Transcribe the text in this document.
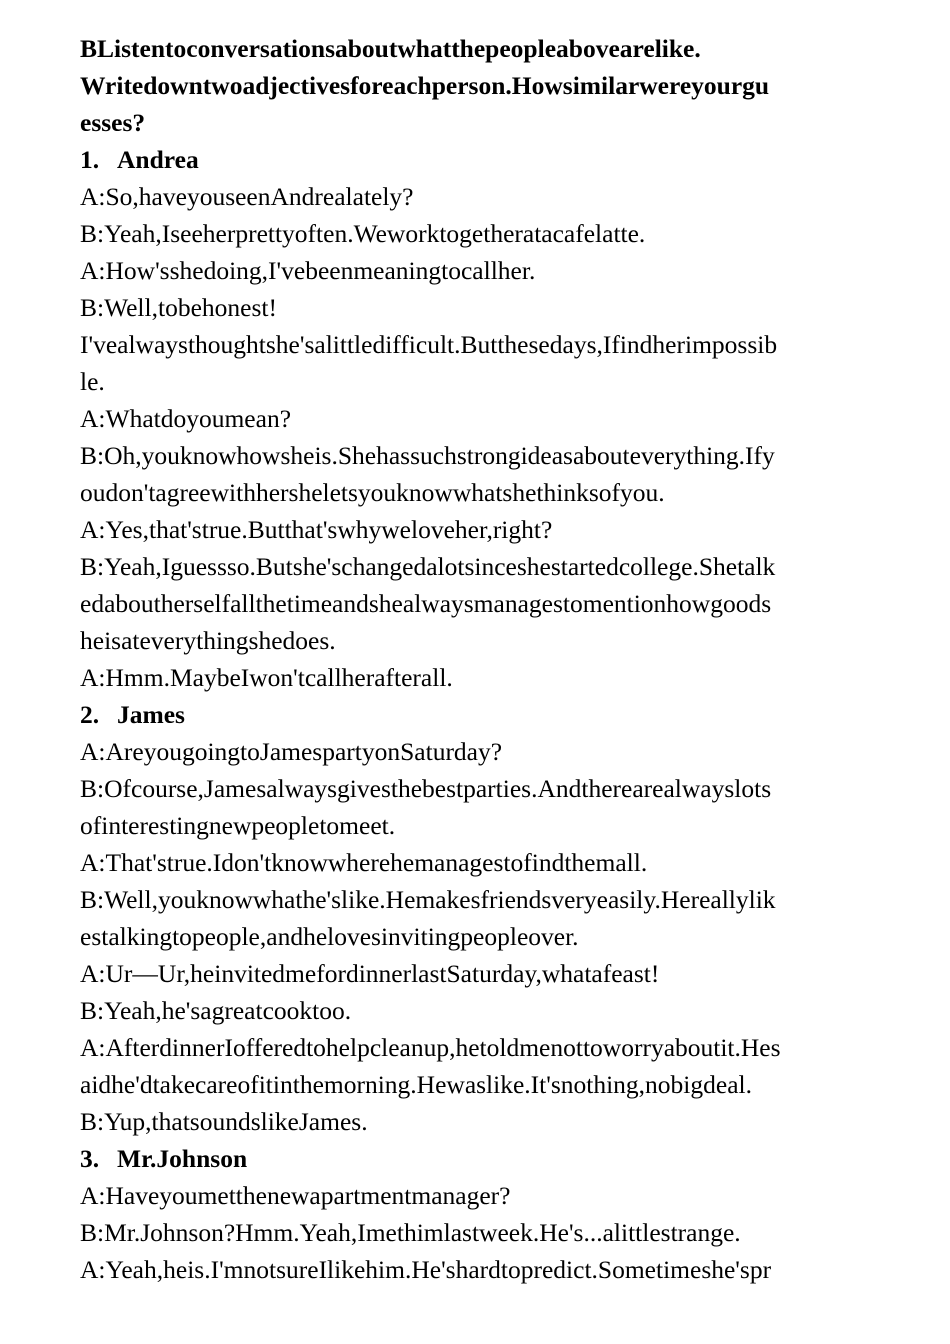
BListentoconversationsaboutwhatthepeopleabovearelike.
Writedowntwoadjectivesforeachperson.Howsimilarwereyourgu
esses?
1. Andrea
A:So,haveyouseenAndrealately?
B:Yeah,Iseeherprettyoften.Weworktogetheratacafelatte.
A:How'sshedoing,I'vebeenmeaningtocallher.
B:Well,tobehonest!
I'vealwaysthoughtshe'salittledifficult.Butthesedays,Ifindherimpossib
le.
A:Whatdoyoumean?
B:Oh,youknowhowsheis.Shehassuchstrongideasabouteverything.Ify
oudon'tagreewithhersheletsyouknowwhatshethinksofyou.
A:Yes,that'strue.Butthat'swhyweloveher,right?
B:Yeah,Iguessso.Butshe'schangedalotsinceshestartedcollege.Shetalk
edaboutherselfallthetimeandshealwaysmanagestomentionhowgoods
heisateverythingshedoes.
A:Hmm.MaybeIwon'tcallherafterall.
2. James
A:AreyougoingtoJamespartyonSaturday?
B:Ofcourse,Jamesalwaysgivesthebestparties.Andtherearealwayslots
ofinterestingnewpeopletomeet.
A:That'strue.Idon'tknowwherehemanagestofindthemall.
B:Well,youknowwhathe'slike.Hemakesfriendsveryeasily.Hereallylik
estalkingtopeople,andhelovesinvitingpeopleover.
A:Ur—Ur,heinvitedmefordinnerlastSaturday,whatafeast!
B:Yeah,he'sagreatcooktoo.
A:AfterdinnerIofferedtohelpcleanup,hetoldmenottoworryaboutit.Hes
aidhe'dtakecareofitinthemorning.Hewaslike.It'snothing,nobigdeal.
B:Yup,thatsoundslikeJames.
3. Mr.Johnson
A:Haveyoumetthenewapartmentmanager?
B:Mr.Johnson?Hmm.Yeah,Imethimlastweek.He's...alittlestrange.
A:Yeah,heis.I'mnotsureIlikehim.He'shardtopredict.Sometimeshe'spr
